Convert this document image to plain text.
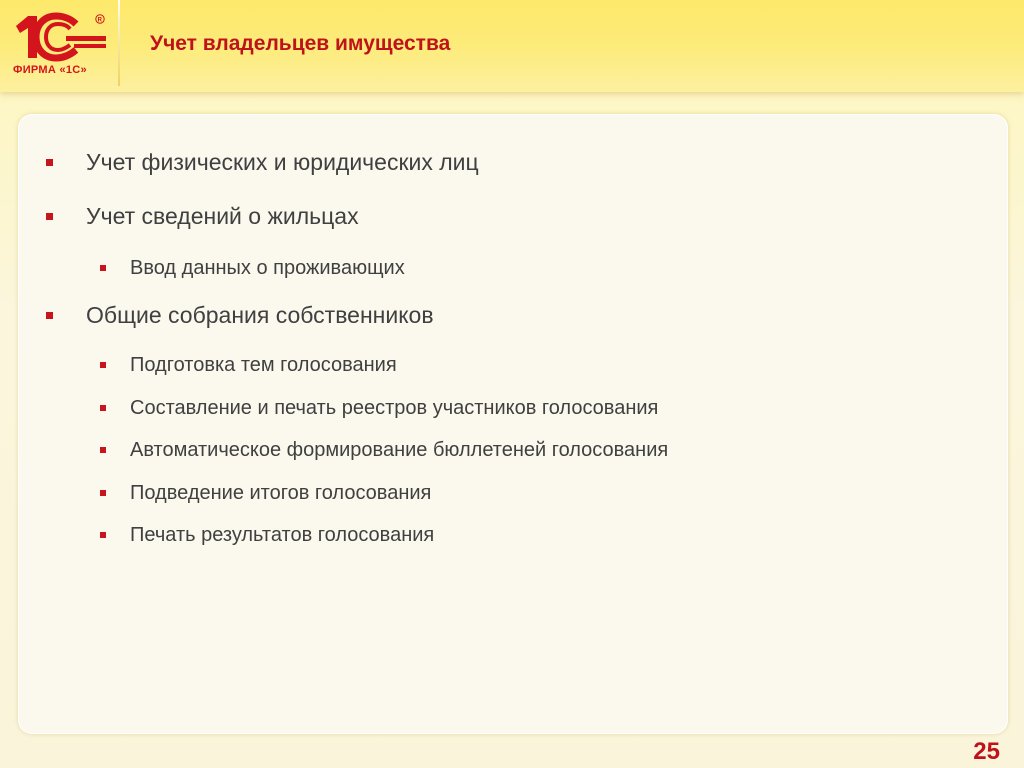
R
ФИРМА «1С»
Учет владельцев имущества
Учет физических и юридических лиц
Учет сведений о жильцах
Ввод данных о проживающих
Общие собрания собственников
Подготовка тем голосования
Составление и печать реестров участников голосования
Автоматическое формирование бюллетеней голосования
Подведение итогов голосования
Печать результатов голосования
25
